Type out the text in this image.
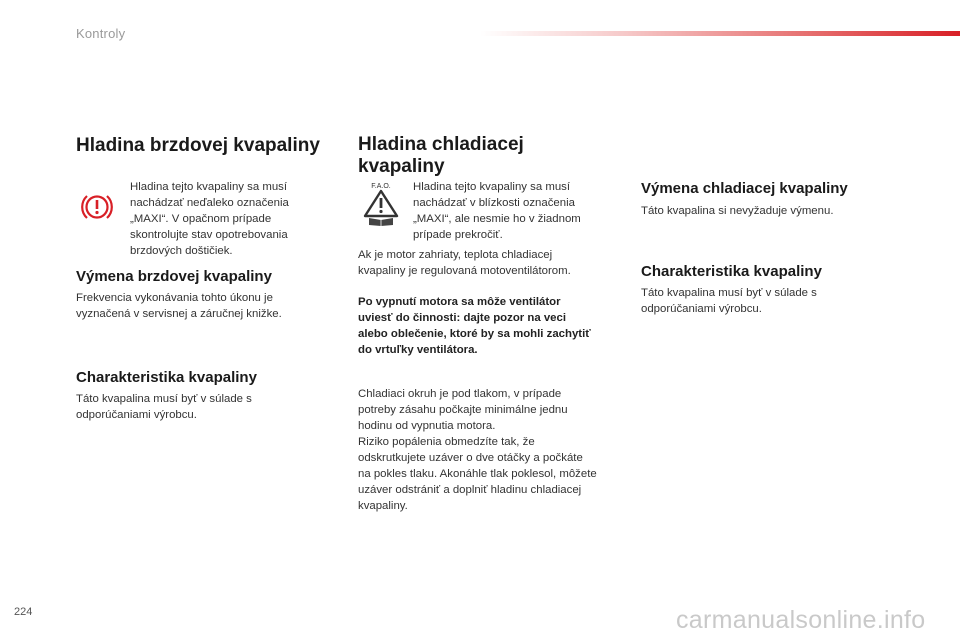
Kontroly
Hladina brzdovej kvapaliny

Hladina tejto kvapaliny sa musí

nachádzať neďaleko označenia

„MAXI“. V opačnom prípade

skontrolujte stav opotrebovania

brzdových doštičiek.

Výmena brzdovej kvapaliny

Frekvencia vykonávania tohto úkonu je

vyznačená v servisnej a záručnej knižke.

Charakteristika kvapaliny

Táto kvapalina musí byť v súlade s

odporúčaniami výrobcu.

Hladina chladiacej
kvapaliny
F.A.O. Hladina tejto kvapaliny sa musí

nachádzať v blízkosti označenia

„MAXI“, ale nesmie ho v žiadnom

prípade prekročiť.

Ak je motor zahriaty, teplota chladiacej

kvapaliny je regulovaná motoventilátorom.

Po vypnutí motora sa môže ventilátor

uviesť do činnosti: dajte pozor na veci

alebo oblečenie, ktoré by sa mohli zachytiť

do vrtuľky ventilátora.

Chladiaci okruh je pod tlakom, v prípade

potreby zásahu počkajte minimálne jednu

hodinu od vypnutia motora.

Riziko popálenia obmedzíte tak, že

odskrutkujete uzáver o dve otáčky a počkáte

na pokles tlaku. Akonáhle tlak poklesol, môžete

uzáver odstrániť a doplniť hladinu chladiacej

kvapaliny.

Výmena chladiacej kvapaliny

Táto kvapalina si nevyžaduje výmenu.

Charakteristika kvapaliny

Táto kvapalina musí byť v súlade s

odporúčaniami výrobcu.

224	carmanualsonline.info
